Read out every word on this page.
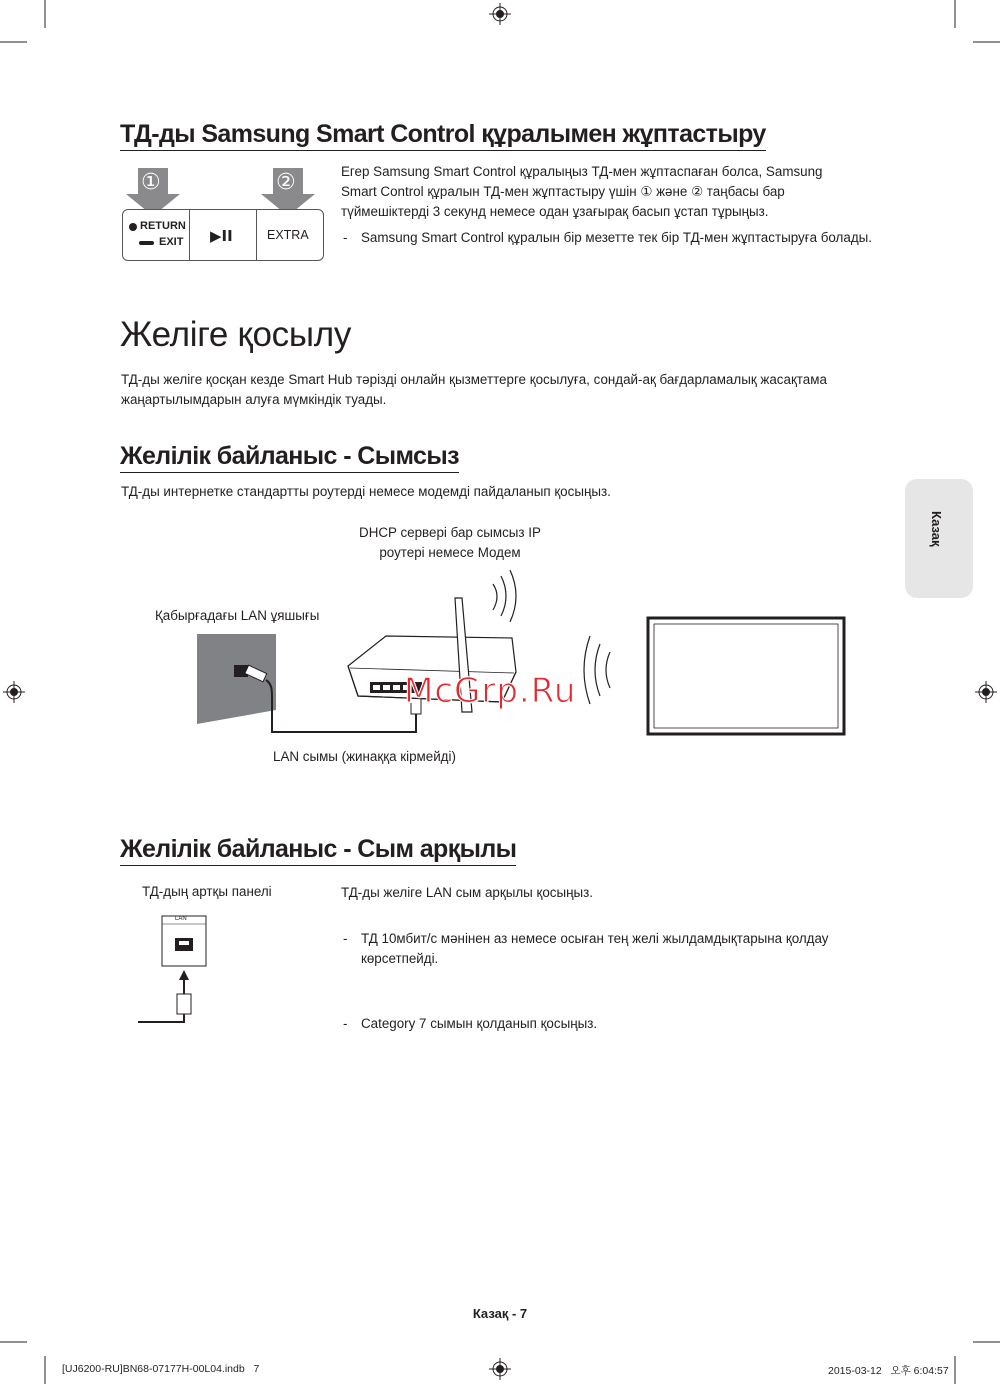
ТД-ды Samsung Smart Control құралымен жұптастыру
①	②
RETURN
EXIT ▶II	EXTRA
Егер Samsung Smart Control құралыңыз ТД-мен жұптаспаған болса, Samsung Smart Control құралын ТД-мен жұптастыру үшін ① және ② таңбасы бар түймешіктерді 3 секунд немесе одан ұзағырақ басып ұстап тұрыңыз.
- Samsung Smart Control құралын бір мезетте тек бір ТД-мен жұптастыруға болады.
Желіге қосылу
ТД-ды желіге қосқан кезде Smart Hub тәрізді онлайн қызметтерге қосылуға, сондай-ақ бағдарламалық жасақтама жаңартылымдарын алуға мүмкіндік туады.
Желілік байланыс - Сымсыз
ТД-ды интернетке стандартты роутерді немесе модемді пайдаланып қосыңыз.
DHCP сервері бар сымсыз IP
роутері немесе Модем
Қабырғадағы LAN ұяшығы
LAN сымы (жинаққа кірмейді)
McGrp.Ru
Желілік байланыс - Сым арқылы
ТД-дың артқы панелі
LAN
ТД-ды желіге LAN сым арқылы қосыңыз.
- ТД 10мбит/с мәнінен аз немесе осыған тең желі жылдамдықтарына қолдау көрсетпейді.
- Category 7 сымын қолданып қосыңыз.
Казақ
Казақ - 7
[UJ6200-RU]BN68-07177H-00L04.indb   7	2015-03-12   오후 6:04:57
